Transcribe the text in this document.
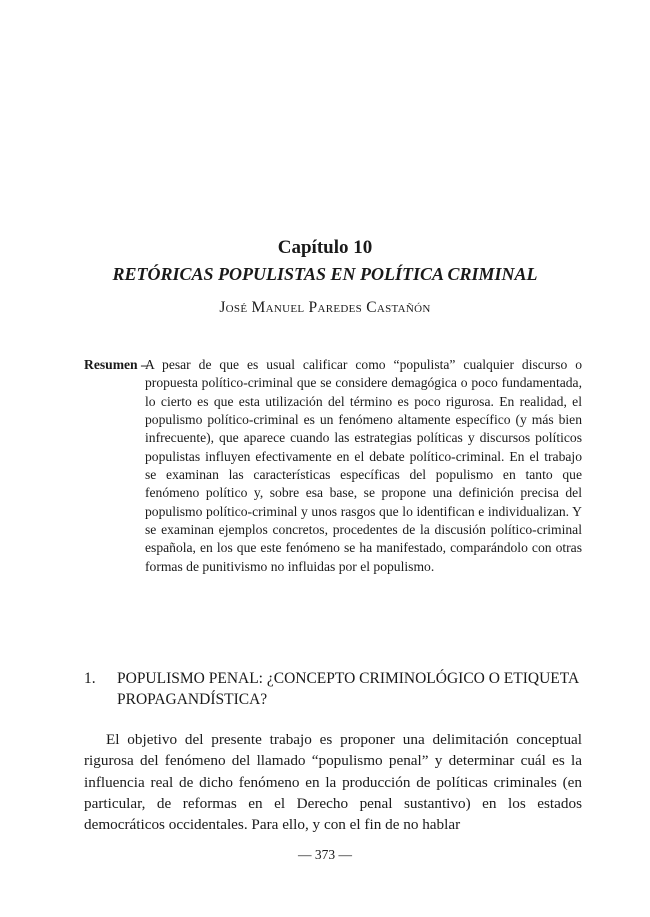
Capítulo 10
RETÓRICAS POPULISTAS EN POLÍTICA CRIMINAL
José Manuel Paredes Castañón
Resumen –
A pesar de que es usual calificar como “populista” cualquier discurso o propuesta político-criminal que se considere demagógica o poco fundamentada, lo cierto es que esta utilización del término es poco rigurosa. En realidad, el populismo político-criminal es un fenómeno altamente específico (y más bien infrecuente), que aparece cuando las estrategias políticas y discursos políticos populistas influyen efectivamente en el debate político-criminal. En el trabajo se examinan las características específicas del populismo en tanto que fenómeno político y, sobre esa base, se propone una definición precisa del populismo político-criminal y unos rasgos que lo identifican e individualizan. Y se examinan ejemplos concretos, procedentes de la discusión político-criminal española, en los que este fenómeno se ha manifestado, comparándolo con otras formas de punitivismo no influidas por el populismo.
1. POPULISMO PENAL: ¿CONCEPTO CRIMINOLÓGICO O ETIQUETA PROPAGANDÍSTICA?
El objetivo del presente trabajo es proponer una delimitación conceptual rigurosa del fenómeno del llamado “populismo penal” y determinar cuál es la influencia real de dicho fenómeno en la producción de políticas criminales (en particular, de reformas en el Derecho penal sustantivo) en los estados democráticos occidentales. Para ello, y con el fin de no hablar
— 373 —
